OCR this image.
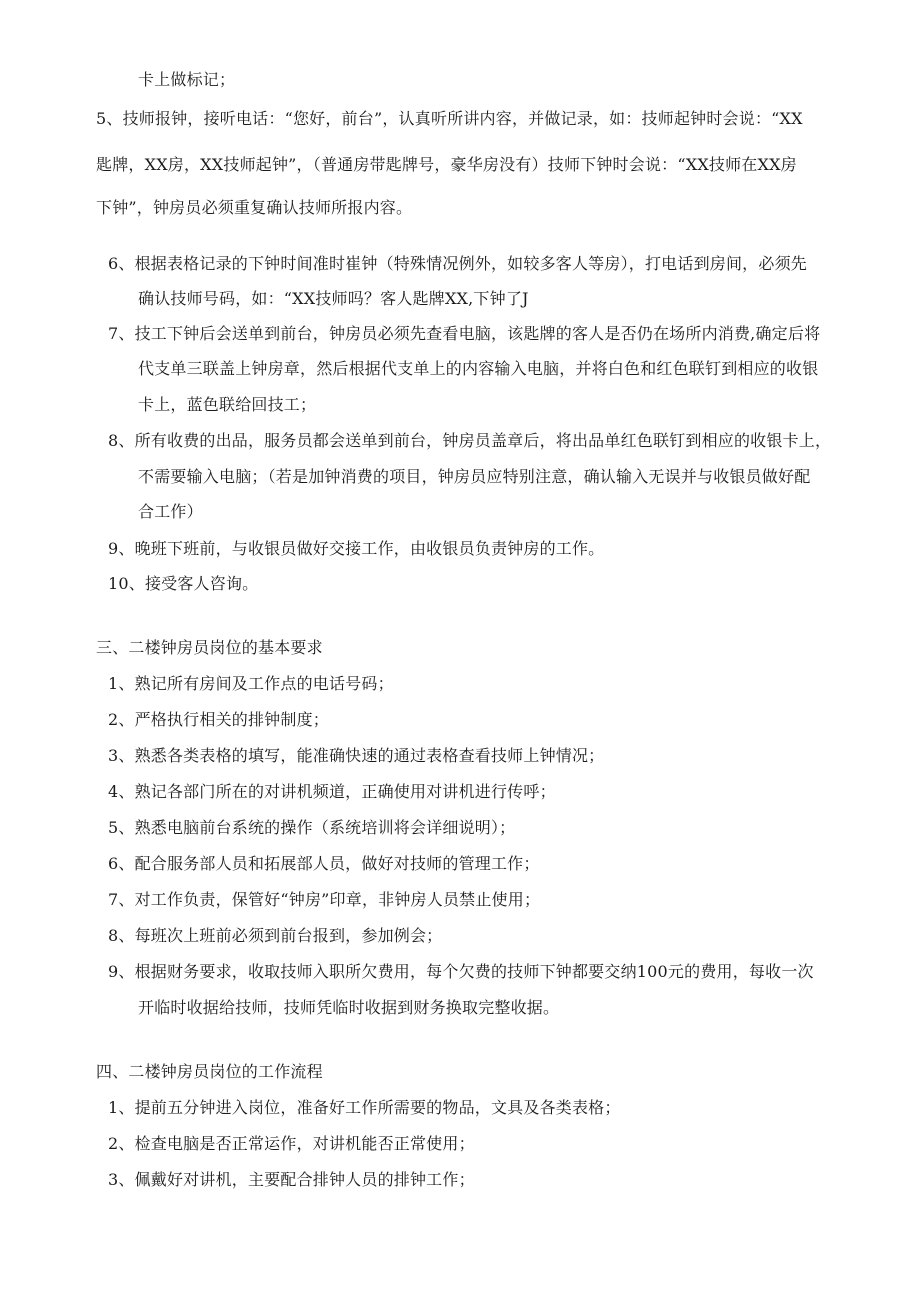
卡上做标记；
5、技师报钟，接听电话：“您好，前台”，认真听所讲内容，并做记录，如：技师起钟时会说：“XX
匙牌，XX房，XX技师起钟”，（普通房带匙牌号，豪华房没有）技师下钟时会说：“XX技师在XX房
下钟”，钟房员必须重复确认技师所报内容。
6、根据表格记录的下钟时间准时崔钟（特殊情况例外，如较多客人等房），打电话到房间，必须先
确认技师号码，如：“XX技师吗？客人匙牌XX,下钟了J
7、技工下钟后会送单到前台，钟房员必须先查看电脑，该匙牌的客人是否仍在场所内消费,确定后将
代支单三联盖上钟房章，然后根据代支单上的内容输入电脑，并将白色和红色联钉到相应的收银
卡上，蓝色联给回技工；
8、所有收费的出品，服务员都会送单到前台，钟房员盖章后，将出品单红色联钉到相应的收银卡上，
不需要输入电脑；（若是加钟消费的项目，钟房员应特别注意，确认输入无误并与收银员做好配
合工作）
9、晚班下班前，与收银员做好交接工作，由收银员负责钟房的工作。
10、接受客人咨询。
三、二楼钟房员岗位的基本要求
1、熟记所有房间及工作点的电话号码；
2、严格执行相关的排钟制度；
3、熟悉各类表格的填写，能准确快速的通过表格查看技师上钟情况；
4、熟记各部门所在的对讲机频道，正确使用对讲机进行传呼；
5、熟悉电脑前台系统的操作（系统培训将会详细说明）；
6、配合服务部人员和拓展部人员，做好对技师的管理工作；
7、对工作负责，保管好“钟房”印章，非钟房人员禁止使用；
8、每班次上班前必须到前台报到，参加例会；
9、根据财务要求，收取技师入职所欠费用，每个欠费的技师下钟都要交纳100元的费用，每收一次
开临时收据给技师，技师凭临时收据到财务换取完整收据。
四、二楼钟房员岗位的工作流程
1、提前五分钟进入岗位，准备好工作所需要的物品，文具及各类表格；
2、检查电脑是否正常运作，对讲机能否正常使用；
3、佩戴好对讲机，主要配合排钟人员的排钟工作；
